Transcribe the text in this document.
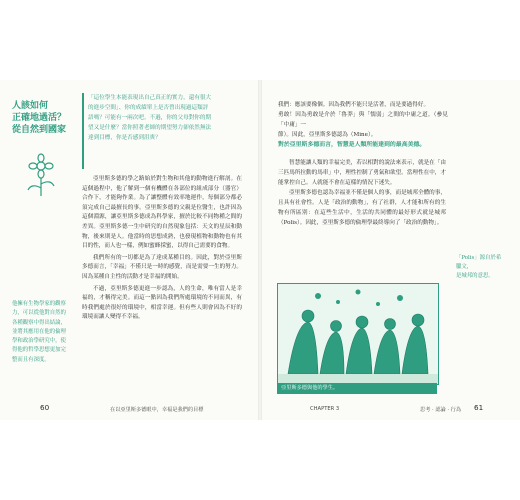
人該如何
正確地過活？
從自然到國家
「這位學生本能表現出自己真正的實力，還有很大
的進步空間」、你的成績單上是否曾出現過這類評
語嗎？可能有一兩次吧。不過，你的父母對你的期
望又是什麼？當你照著老師的期望努力卻依然無法
達到目標，你是否感到沮喪？

亞里斯多德的學之路始於對生物和其他的動物進行解剖。在這個過程中，他了解到一個有機體在各部位的組成部分（器官）合作下，才能夠作業。為了讓整體有效率地運作，每個部分都必須完成自己最擅長的事。亞里斯多德的父親是位醫生，也許因為這個淵源，讓亞里斯多德成為科學家，擅於比較不同物種之間的差異。亞里斯多德一生中研究的自然現象包括：天文的星辰和動物，後來則是人。他當時的思想成熟，也發現植物和動物也有其目的性，而人也一樣，例如蜜蜂採蜜，以得自己需要的食物。

我們所有的一切都是為了達成某種目的。因此，對於亞里斯多德而言，「幸福」不僅只是一時的感覺，而是需要一生的努力。因為某種自主性的活動才是幸福的開始。

不過，亞里斯多德更進一步認為，人的生命，唯有當人是幸福的，才稱得完美。而這一點因為我們所處環境的不同而異，有時我們處於很好的環境中，相當幸運。但有些人則會因為不好的環境而讓人變得不幸福。

他擁有生物學家的觀察力，可以從他對自然的各種觀察中得出結論，並將其應用在他的倫理學和政治學研究中，使得他的哲學思想更加完整而且有深度。
60	在以亞里斯多德眼中，幸福是我們的目標

我們：應該要像個。因為我們不能只是活著，而是要過得好。

勇敢！因為勇敢是介於「魯莽」與「懦弱」之間的中庸之道。（參見「中庸」一

節）。因此，亞里斯多德認為（Mine）。

對於亞里斯多德而言，智慧是人類所能達到的最高美德。

智慧能讓人類的幸福完美，若以相對的說法來表示，就是在「由三匹馬所拉動的馬車」中，理性控制了勇氣和欲望。當理性在中，才能掌控自己。人就能不會在這樣的情況下迷失。

亞里斯多德也認為幸福並不僅是個人的事，而是城邦全體的事，且具有社會性。人是「政治的動物」，有了社群，人才能和所有的生物有所區別：在這些生活中，生活的共同體的最好形式就是城邦（Polis）。因此，亞里斯多德的倫理學最終導向了「政治的動物」。

「Polis」源自於希臘文，
是城邦的意思。
亞里斯多德與他的學生。
CHAPTER 3	思考 · 認論 · 行為 61
